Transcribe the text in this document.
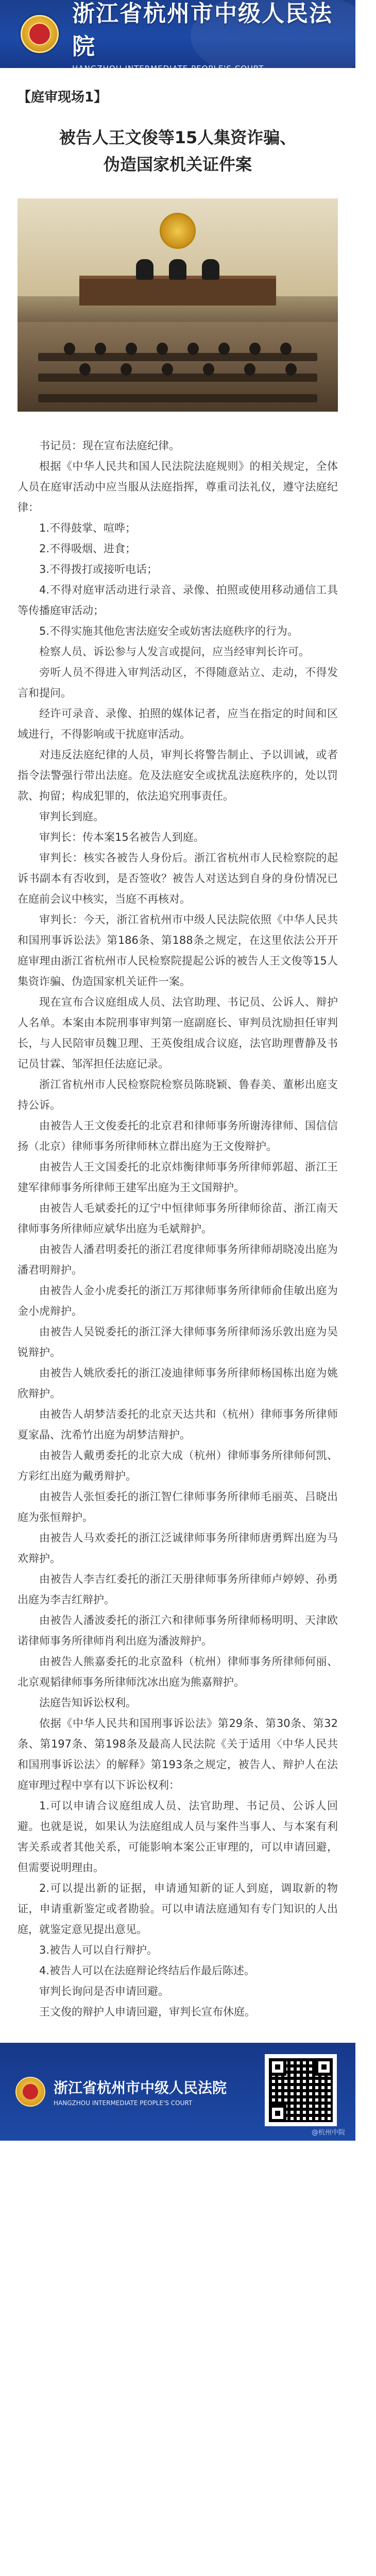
浙江省杭州市中级人民法院
HANGZHOU INTERMEDIATE PEOPLE'S COURT
【庭审现场1】
被告人王文俊等15人集资诈骗、
伪造国家机关证件案

书记员：现在宣布法庭纪律。

根据《中华人民共和国人民法院法庭规则》的相关规定，全体人员在庭审活动中应当服从法庭指挥，尊重司法礼仪，遵守法庭纪律：

1.不得鼓掌、喧哗；

2.不得吸烟、进食；

3.不得拨打或接听电话；

4.不得对庭审活动进行录音、录像、拍照或使用移动通信工具等传播庭审活动；

5.不得实施其他危害法庭安全或妨害法庭秩序的行为。

检察人员、诉讼参与人发言或提问，应当经审判长许可。

旁听人员不得进入审判活动区，不得随意站立、走动，不得发言和提问。

经许可录音、录像、拍照的媒体记者，应当在指定的时间和区域进行，不得影响或干扰庭审活动。

对违反法庭纪律的人员，审判长将警告制止、予以训诫，或者指令法警强行带出法庭。危及法庭安全或扰乱法庭秩序的，处以罚款、拘留；构成犯罪的，依法追究刑事责任。

审判长到庭。

审判长：传本案15名被告人到庭。

审判长：核实各被告人身份后。浙江省杭州市人民检察院的起诉书副本有否收到，是否签收？被告人对送达到自身的身份情况已在庭前会议中核实，当庭不再核对。

审判长：今天，浙江省杭州市中级人民法院依照《中华人民共和国刑事诉讼法》第186条、第188条之规定，在这里依法公开开庭审理由浙江省杭州市人民检察院提起公诉的被告人王文俊等15人集资诈骗、伪造国家机关证件一案。

现在宣布合议庭组成人员、法官助理、书记员、公诉人、辩护人名单。本案由本院刑事审判第一庭副庭长、审判员沈励担任审判长，与人民陪审员魏卫理、王英俊组成合议庭，法官助理曹静及书记员甘霖、邹浑担任法庭记录。

浙江省杭州市人民检察院检察员陈晓颖、鲁春美、董彬出庭支持公诉。

由被告人王文俊委托的北京君和律师事务所谢涛律师、国信信扬（北京）律师事务所律师林立群出庭为王文俊辩护。

由被告人王文国委托的北京炜衡律师事务所律师郭超、浙江王建军律师事务所律师王建军出庭为王文国辩护。

由被告人毛斌委托的辽宁中恒律师事务所律师徐苗、浙江南天律师事务所律师应斌华出庭为毛斌辩护。

由被告人潘君明委托的浙江君度律师事务所律师胡晓凌出庭为潘君明辩护。

由被告人金小虎委托的浙江万邦律师事务所律师俞佳敏出庭为金小虎辩护。

由被告人吴锐委托的浙江泽大律师事务所律师汤乐敦出庭为吴锐辩护。

由被告人姚欣委托的浙江凌迪律师事务所律师杨国栋出庭为姚欣辩护。

由被告人胡梦洁委托的北京天达共和（杭州）律师事务所律师夏家晶、沈希竹出庭为胡梦洁辩护。

由被告人戴勇委托的北京大成（杭州）律师事务所律师何凯、方彩红出庭为戴勇辩护。

由被告人张恒委托的浙江智仁律师事务所律师毛丽英、吕晓出庭为张恒辩护。

由被告人马欢委托的浙江泛诚律师事务所律师唐勇辉出庭为马欢辩护。

由被告人李吉红委托的浙江天册律师事务所律师卢婷婷、孙勇出庭为李吉红辩护。

由被告人潘波委托的浙江六和律师事务所律师杨明明、天津欧诺律师事务所律师肖利出庭为潘波辩护。

由被告人熊嘉委托的北京盈科（杭州）律师事务所律师何丽、北京观韬律师事务所律师沈冰出庭为熊嘉辩护。

法庭告知诉讼权利。

依据《中华人民共和国刑事诉讼法》第29条、第30条、第32条、第197条、第198条及最高人民法院《关于适用〈中华人民共和国刑事诉讼法〉的解释》第193条之规定，被告人、辩护人在法庭审理过程中享有以下诉讼权利：

1.可以申请合议庭组成人员、法官助理、书记员、公诉人回避。也就是说，如果认为法庭组成人员与案件当事人、与本案有利害关系或者其他关系，可能影响本案公正审理的，可以申请回避，但需要说明理由。

2.可以提出新的证据，申请通知新的证人到庭，调取新的物证，申请重新鉴定或者勘验。可以申请法庭通知有专门知识的人出庭，就鉴定意见提出意见。

3.被告人可以自行辩护。

4.被告人可以在法庭辩论终结后作最后陈述。

审判长询问是否申请回避。

王文俊的辩护人申请回避，审判长宣布休庭。

浙江省杭州市中级人民法院
HANGZHOU INTERMEDIATE PEOPLE'S COURT
@杭州中院
